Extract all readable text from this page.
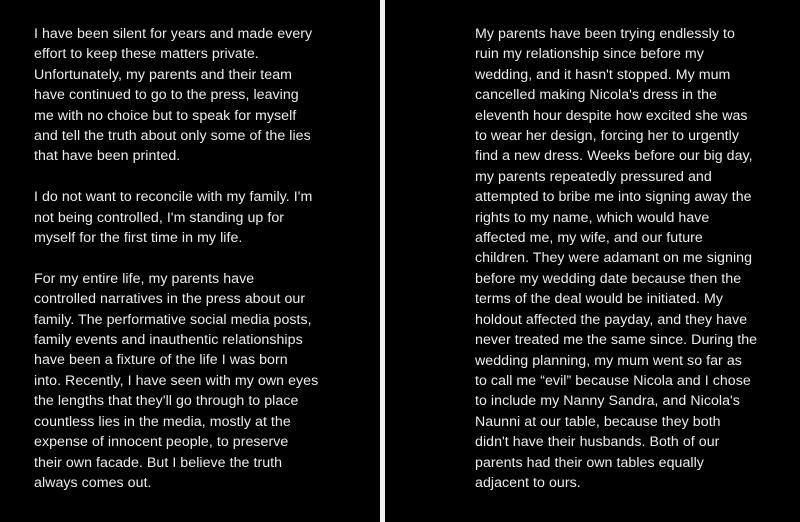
I have been silent for years and made every
effort to keep these matters private.
Unfortunately, my parents and their team
have continued to go to the press, leaving
me with no choice but to speak for myself
and tell the truth about only some of the lies
that have been printed.

I do not want to reconcile with my family. I'm
not being controlled, I'm standing up for
myself for the first time in my life.

For my entire life, my parents have
controlled narratives in the press about our
family. The performative social media posts,
family events and inauthentic relationships
have been a fixture of the life I was born
into. Recently, I have seen with my own eyes
the lengths that they'll go through to place
countless lies in the media, mostly at the
expense of innocent people, to preserve
their own facade. But I believe the truth
always comes out.

My parents have been trying endlessly to
ruin my relationship since before my
wedding, and it hasn't stopped. My mum
cancelled making Nicola's dress in the
eleventh hour despite how excited she was
to wear her design, forcing her to urgently
find a new dress. Weeks before our big day,
my parents repeatedly pressured and
attempted to bribe me into signing away the
rights to my name, which would have
affected me, my wife, and our future
children. They were adamant on me signing
before my wedding date because then the
terms of the deal would be initiated. My
holdout affected the payday, and they have
never treated me the same since. During the
wedding planning, my mum went so far as
to call me “evil” because Nicola and I chose
to include my Nanny Sandra, and Nicola's
Naunni at our table, because they both
didn't have their husbands. Both of our
parents had their own tables equally
adjacent to ours.
